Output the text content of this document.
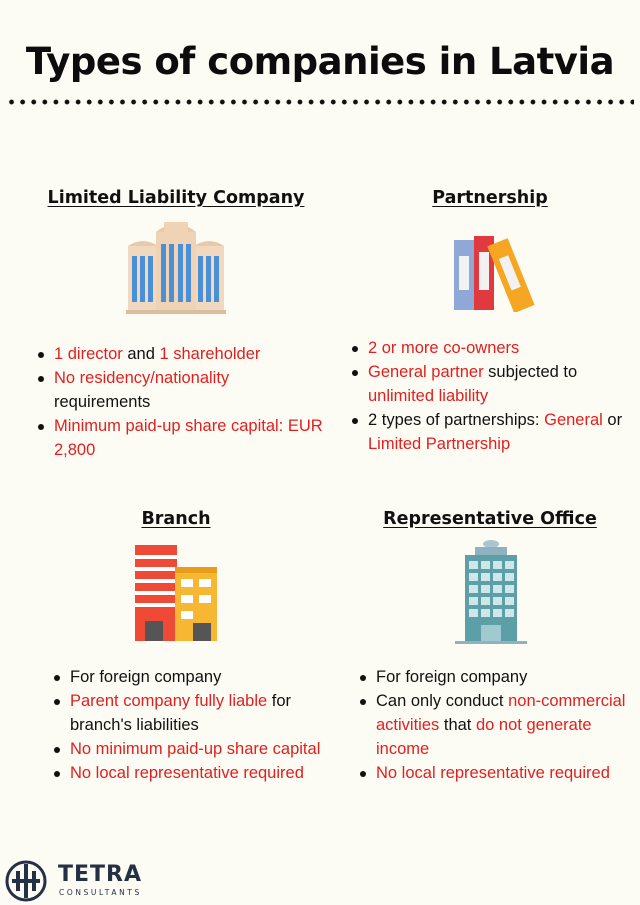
Types of companies in Latvia
Limited Liability Company
1 director and 1 shareholder
No residency/nationality requirements
Minimum paid-up share capital: EUR 2,800
Partnership
2 or more co-owners
General partner subjected to unlimited liability
2 types of partnerships: General or Limited Partnership
Branch
For foreign company
Parent company fully liable for branch's liabilities
No minimum paid-up share capital
No local representative required
Representative Office
For foreign company
Can only conduct non-commercial activities that do not generate income
No local representative required
TETRA
CONSULTANTS
